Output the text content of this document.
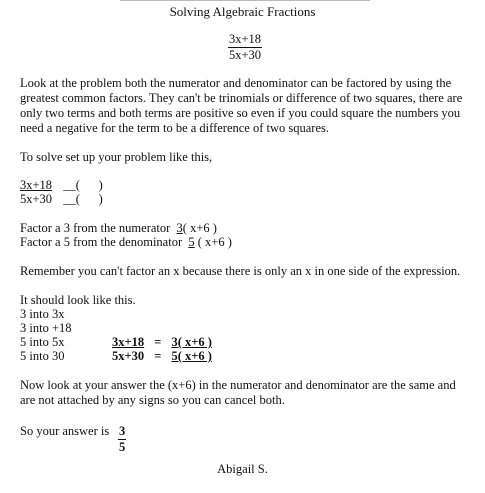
Solving Algebraic Fractions
$\frac{3x+18}{5x+30}$
Look at the problem both the numerator and denominator can be factored by using the
greatest common factors. They can't be trinomials or difference of two squares, there are
only two terms and both terms are positive so even if you could square the numbers you
need a negative for the term to be a difference of two squares.
To solve set up your problem like this,
3x+18 __(      )
5x+30 __(      )
Factor a 3 from the numerator  3( x+6 )
Factor a 5 from the denominator  5 ( x+6 )
Remember you can't factor an x because there is only an x in one side of the expression.
It should look like this.
3 into 3x
3 into +18
5 into 5x
5 into 30
3x+18 = 3( x+6 )
5x+30 = 5( x+6 )
Now look at your answer the (x+6) in the numerator and denominator are the same and
are not attached by any signs so you can cancel both.
So your answer is $\frac{3}{5}$
Abigail S.
